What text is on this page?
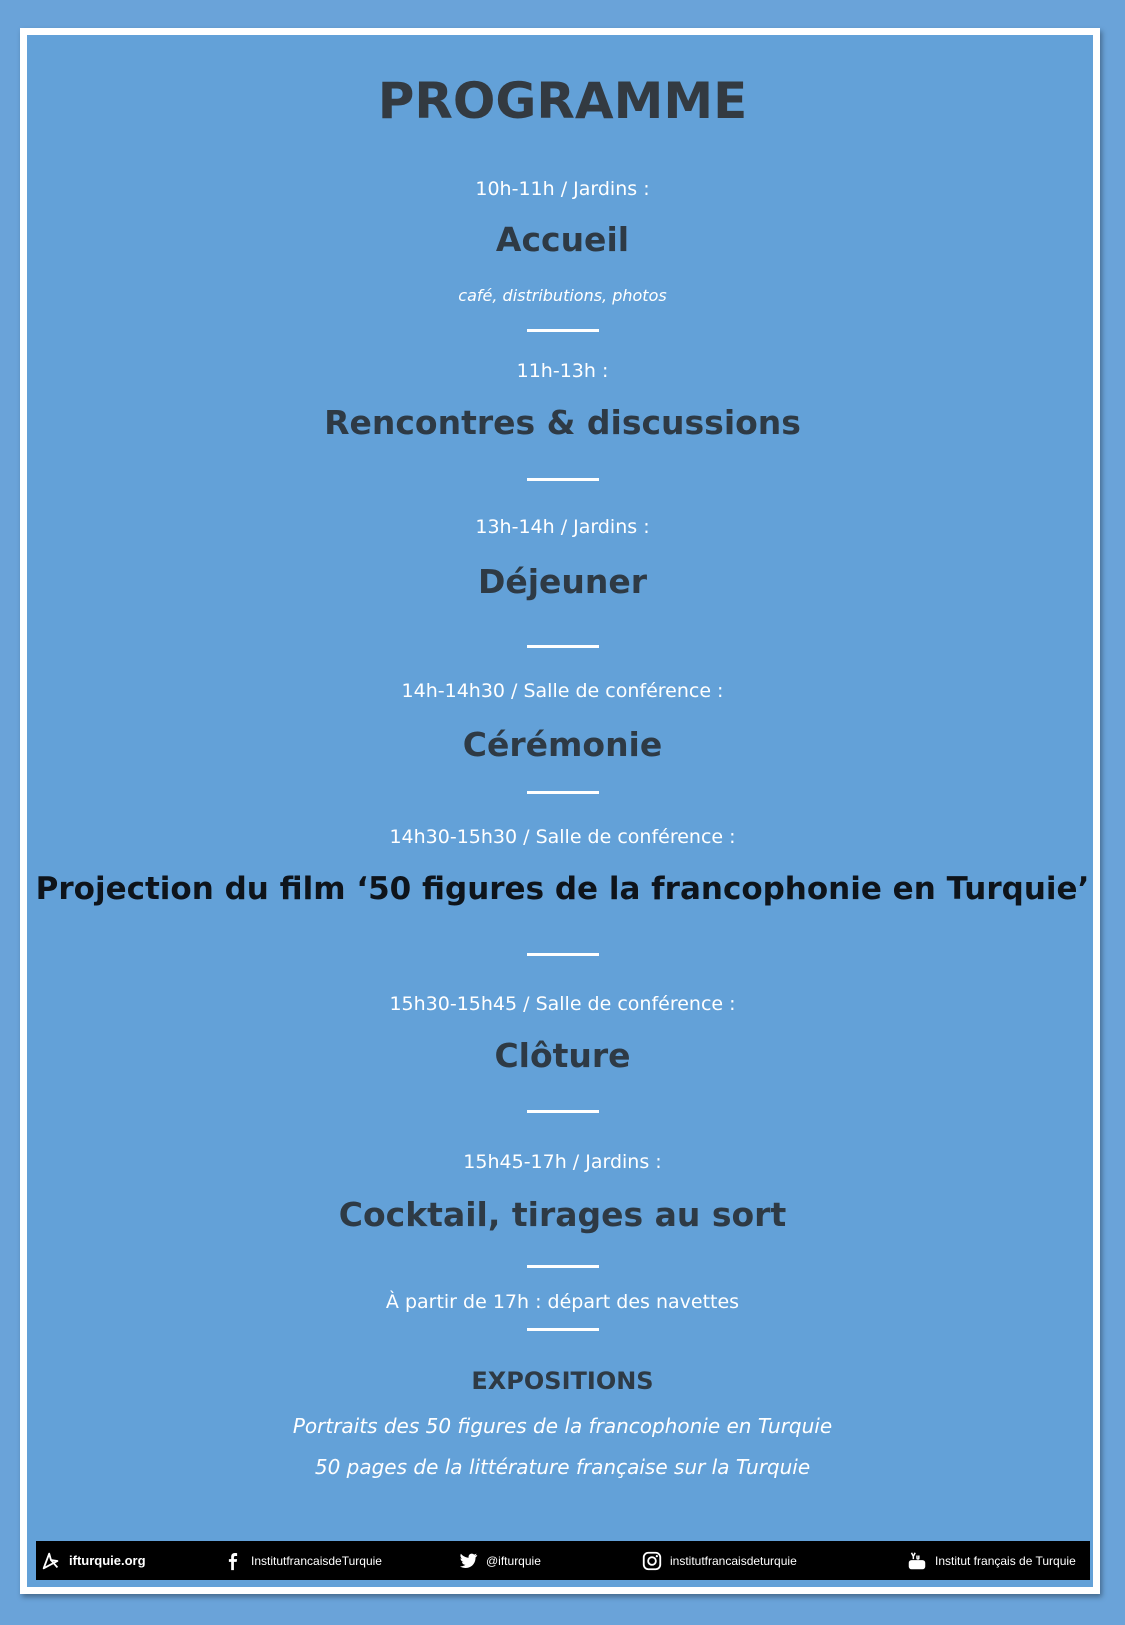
PROGRAMME
10h-11h / Jardins :
Accueil
café, distributions, photos
11h-13h :
Rencontres & discussions
13h-14h / Jardins :
Déjeuner
14h-14h30 / Salle de conférence :
Cérémonie
14h30-15h30 / Salle de conférence :
Projection du film ‘50 figures de la francophonie en Turquie’
15h30-15h45 / Salle de conférence :
Clôture
15h45-17h / Jardins :
Cocktail, tirages au sort
À partir de 17h : départ des navettes
EXPOSITIONS
Portraits des 50 figures de la francophonie en Turquie
50 pages de la littérature française sur la Turquie
ifturquie.org	InstitutfrancaisdeTurquie	@ifturquie	institutfrancaisdeturquie	Institut français de Turquie
